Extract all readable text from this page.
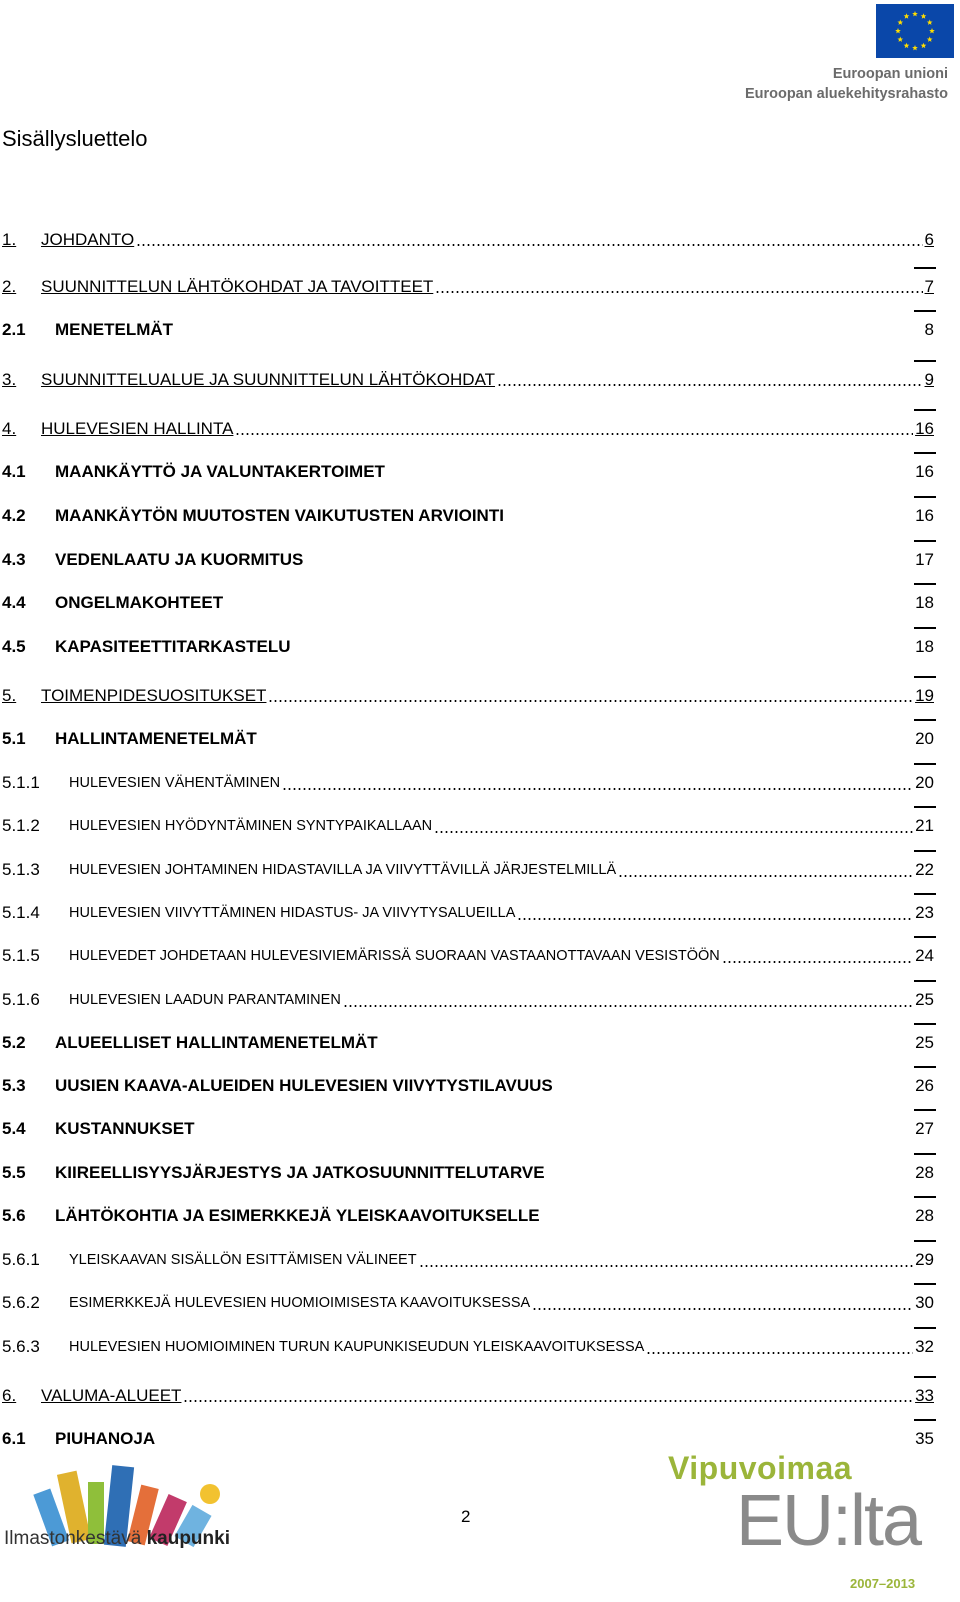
Euroopan unioni
Euroopan aluekehitysrahasto
Sisällysluettelo
1. JOHDANTO	6
2. SUUNNITTELUN LÄHTÖKOHDAT JA TAVOITTEET	7
2.1 MENETELMÄT	8
3. SUUNNITTELUALUE JA SUUNNITTELUN LÄHTÖKOHDAT	9
4. HULEVESIEN HALLINTA	16
4.1 MAANKÄYTTÖ JA VALUNTAKERTOIMET	16
4.2 MAANKÄYTÖN MUUTOSTEN VAIKUTUSTEN ARVIOINTI	16
4.3 VEDENLAATU JA KUORMITUS	17
4.4 ONGELMAKOHTEET	18
4.5 KAPASITEETTITARKASTELU	18
5. TOIMENPIDESUOSITUKSET	19
5.1 HALLINTAMENETELMÄT	20
5.1.1 HULEVESIEN VÄHENTÄMINEN	20
5.1.2 HULEVESIEN HYÖDYNTÄMINEN SYNTYPAIKALLAAN	21
5.1.3 HULEVESIEN JOHTAMINEN HIDASTAVILLA JA VIIVYTTÄVILLÄ JÄRJESTELMILLÄ	22
5.1.4 HULEVESIEN VIIVYTTÄMINEN HIDASTUS- JA VIIVYTYSALUEILLA	23
5.1.5 HULEVEDET JOHDETAAN HULEVESIVIEMÄRISSÄ SUORAAN VASTAANOTTAVAAN VESISTÖÖN	24
5.1.6 HULEVESIEN LAADUN PARANTAMINEN	25
5.2 ALUEELLISET HALLINTAMENETELMÄT	25
5.3 UUSIEN KAAVA-ALUEIDEN HULEVESIEN VIIVYTYSTILAVUUS	26
5.4 KUSTANNUKSET	27
5.5 KIIREELLISYYSJÄRJESTYS JA JATKOSUUNNITTELUTARVE	28
5.6 LÄHTÖKOHTIA JA ESIMERKKEJÄ YLEISKAAVOITUKSELLE	28
5.6.1 YLEISKAAVAN SISÄLLÖN ESITTÄMISEN VÄLINEET	29
5.6.2 ESIMERKKEJÄ HULEVESIEN HUOMIOIMISESTA KAAVOITUKSESSA	30
5.6.3 HULEVESIEN HUOMIOIMINEN TURUN KAUPUNKISEUDUN YLEISKAAVOITUKSESSA	32
6. VALUMA-ALUEET	33
6.1 PIUHANOJA	35
Ilmastonkestävä kaupunki
2
Vipuvoimaa
EU:lta
2007–2013
